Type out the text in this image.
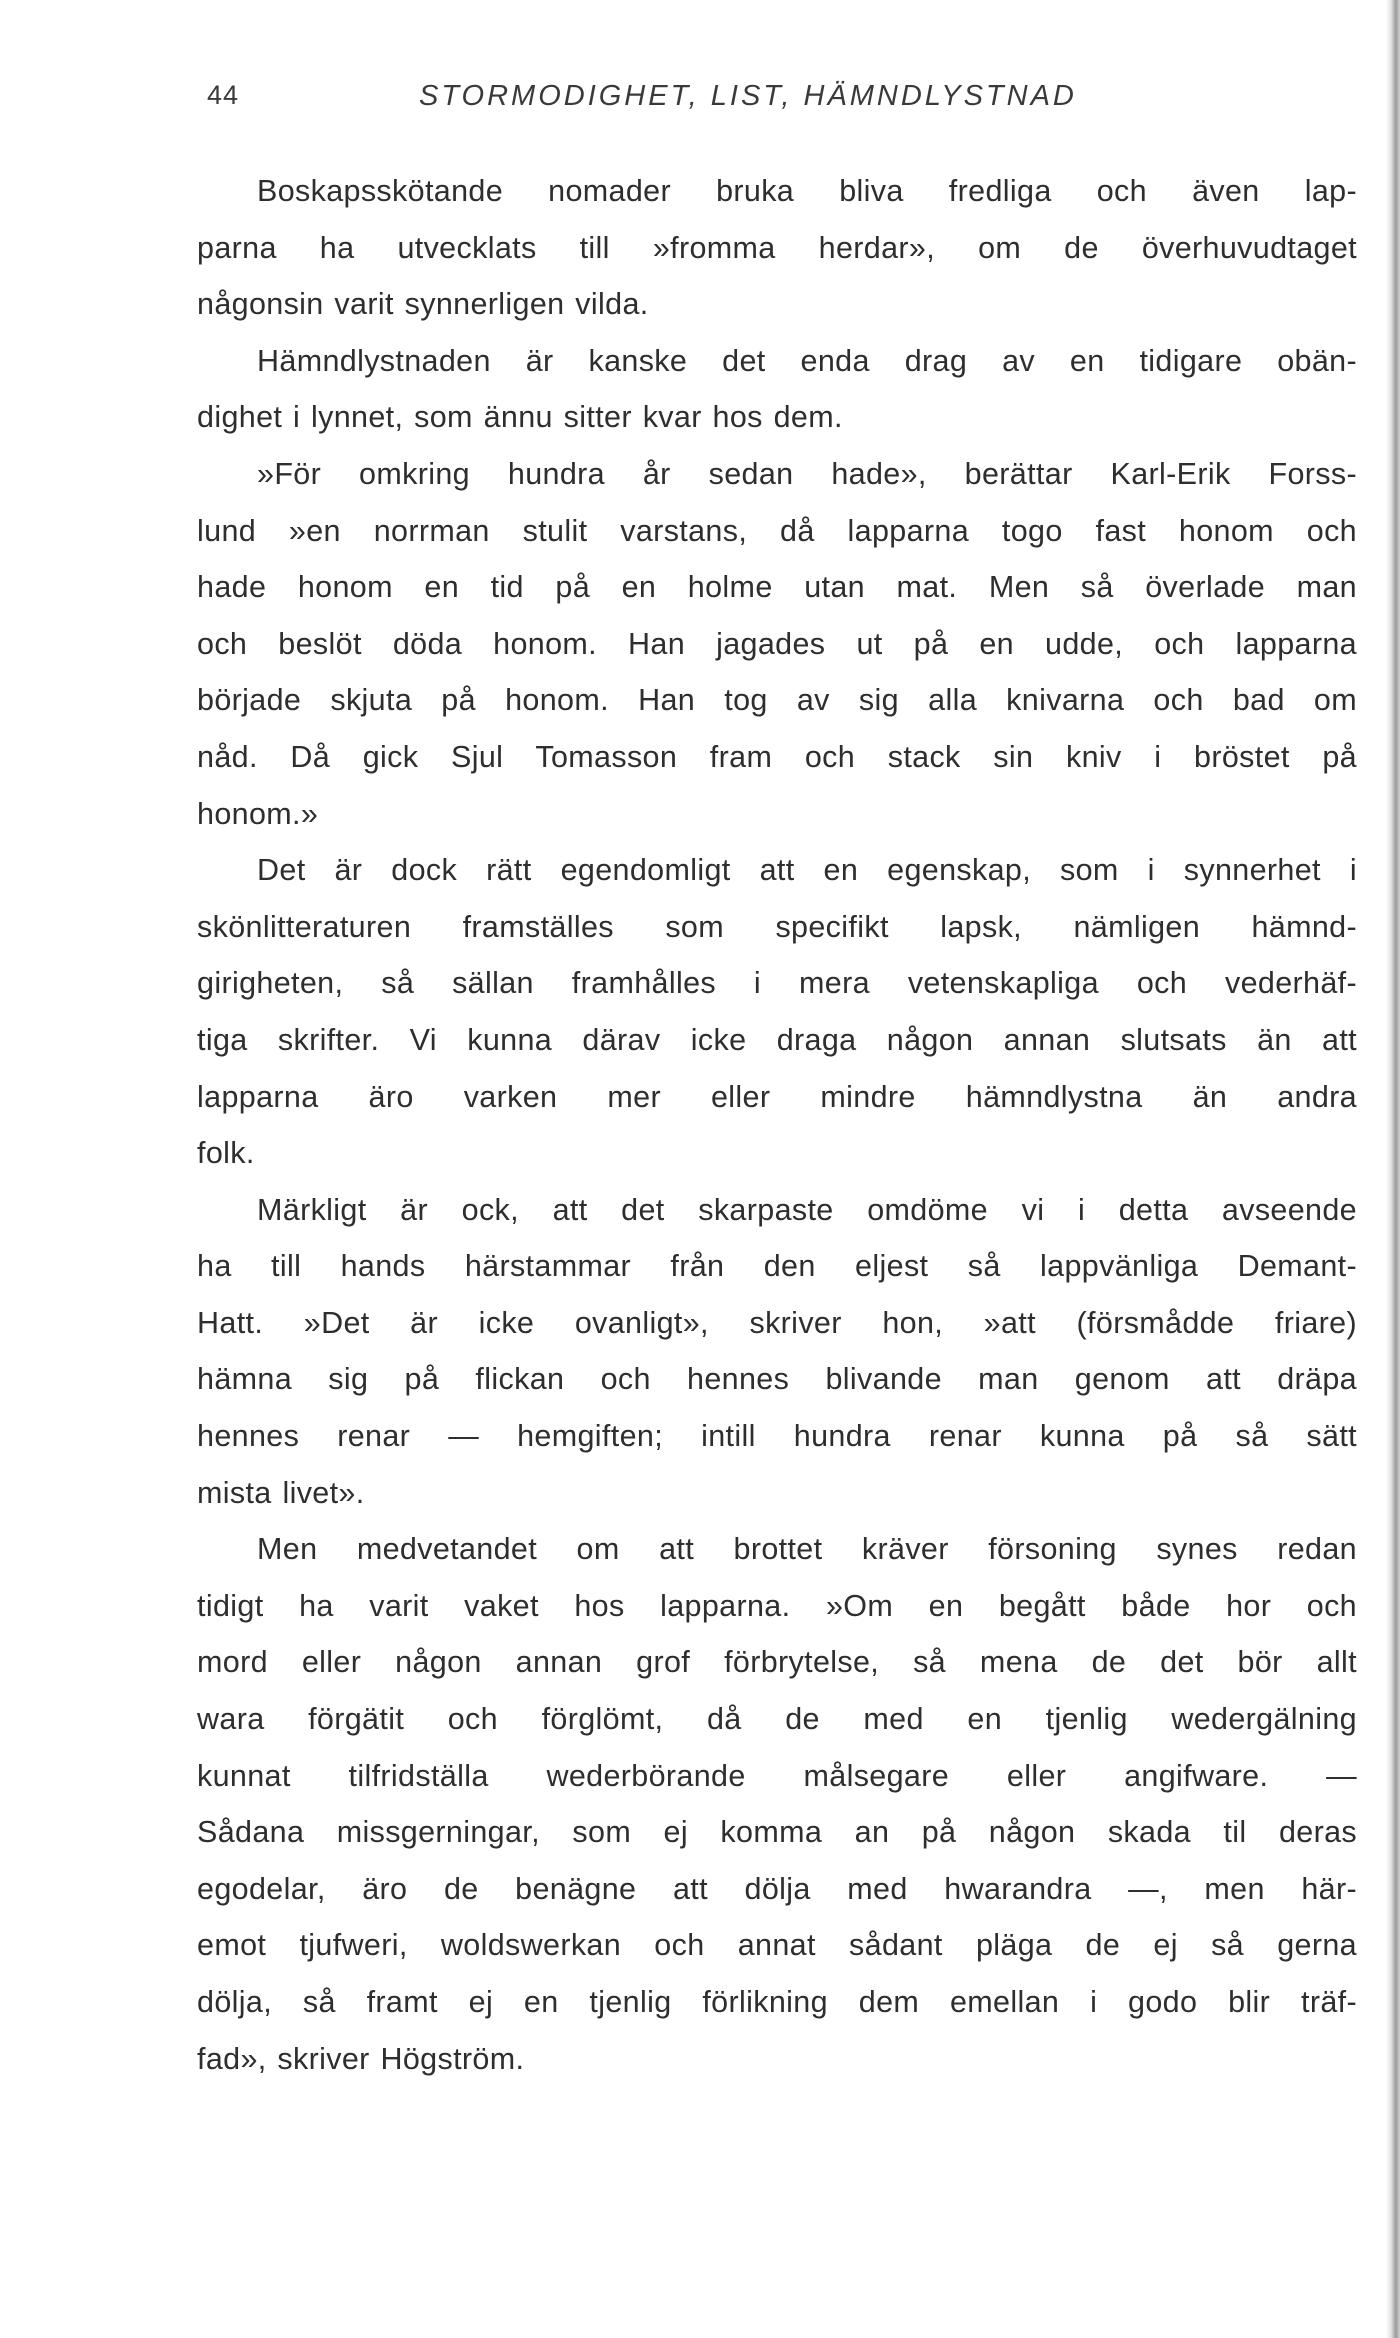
44	STORMODIGHET, LIST, HÄMNDLYSTNAD
Boskapsskötande nomader bruka bliva fredliga och även lap-
parna ha utvecklats till »fromma herdar», om de överhuvudtaget
någonsin varit synnerligen vilda.
Hämndlystnaden är kanske det enda drag av en tidigare obän-
dighet i lynnet, som ännu sitter kvar hos dem.
»För omkring hundra år sedan hade», berättar Karl-Erik Forss-
lund »en norrman stulit varstans, då lapparna togo fast honom och
hade honom en tid på en holme utan mat. Men så överlade man
och beslöt döda honom. Han jagades ut på en udde, och lapparna
började skjuta på honom. Han tog av sig alla knivarna och bad om
nåd. Då gick Sjul Tomasson fram och stack sin kniv i bröstet på
honom.»
Det är dock rätt egendomligt att en egenskap, som i synnerhet i
skönlitteraturen framställes som specifikt lapsk, nämligen hämnd-
girigheten, så sällan framhålles i mera vetenskapliga och vederhäf-
tiga skrifter. Vi kunna därav icke draga någon annan slutsats än att
lapparna äro varken mer eller mindre hämndlystna än andra
folk.
Märkligt är ock, att det skarpaste omdöme vi i detta avseende
ha till hands härstammar från den eljest så lappvänliga Demant-
Hatt. »Det är icke ovanligt», skriver hon, »att (försmådde friare)
hämna sig på flickan och hennes blivande man genom att dräpa
hennes renar — hemgiften; intill hundra renar kunna på så sätt
mista livet».
Men medvetandet om att brottet kräver försoning synes redan
tidigt ha varit vaket hos lapparna. »Om en begått både hor och
mord eller någon annan grof förbrytelse, så mena de det bör allt
wara förgätit och förglömt, då de med en tjenlig wedergälning
kunnat tilfridställa wederbörande målsegare eller angifware. —
Sådana missgerningar, som ej komma an på någon skada til deras
egodelar, äro de benägne att dölja med hwarandra —, men här-
emot tjufweri, woldswerkan och annat sådant pläga de ej så gerna
dölja, så framt ej en tjenlig förlikning dem emellan i godo blir träf-
fad», skriver Högström.
